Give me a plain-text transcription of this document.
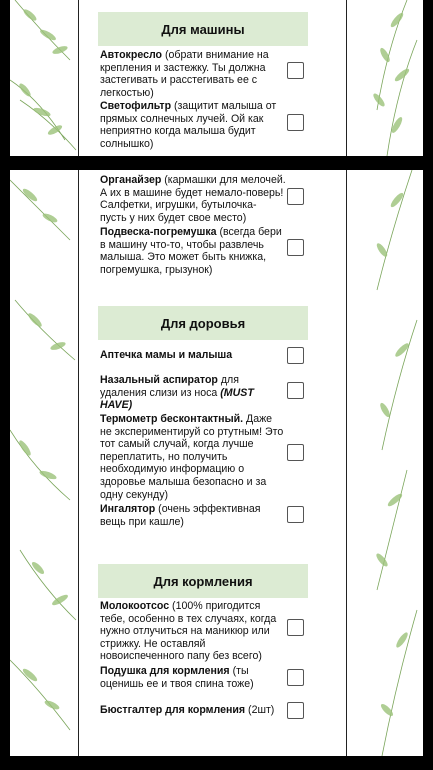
Для машины
Автокресло (обрати внимание на крепления и застежку. Ты должна застегивать и расстегивать ее с легкостью)
Светофильтр (защитит малыша от прямых солнечных лучей. Ой как неприятно когда малыша будит солнышко)
Органайзер (кармашки для мелочей. А их в машине будет немало-поверь! Салфетки, игрушки, бутылочка- пусть у них будет свое место)
Подвеска-погремушка (всегда бери в машину что-то, чтобы развлечь малыша. Это может быть книжка, погремушка, грызунок)
Для доровья
Аптечка мамы и малыша
Назальный аспиратор для удаления слизи из носа (MUST HAVE)
Термометр бесконтактный. Даже не экспериментируй со ртутным! Это тот самый случай, когда лучше переплатить, но получить необходимую информацию о здоровье малыша безопасно и за одну секунду)
Ингалятор (очень эффективная вещь при кашле)
Для кормления
Молокоотсос (100% пригодится тебе, особенно в тех случаях, когда нужно отлучиться на маникюр или стрижку. Не оставляй новоиспеченного папу без всего)
Подушка для кормления (ты оценишь ее и твоя спина тоже)
Бюстгалтер для кормления (2шт)
